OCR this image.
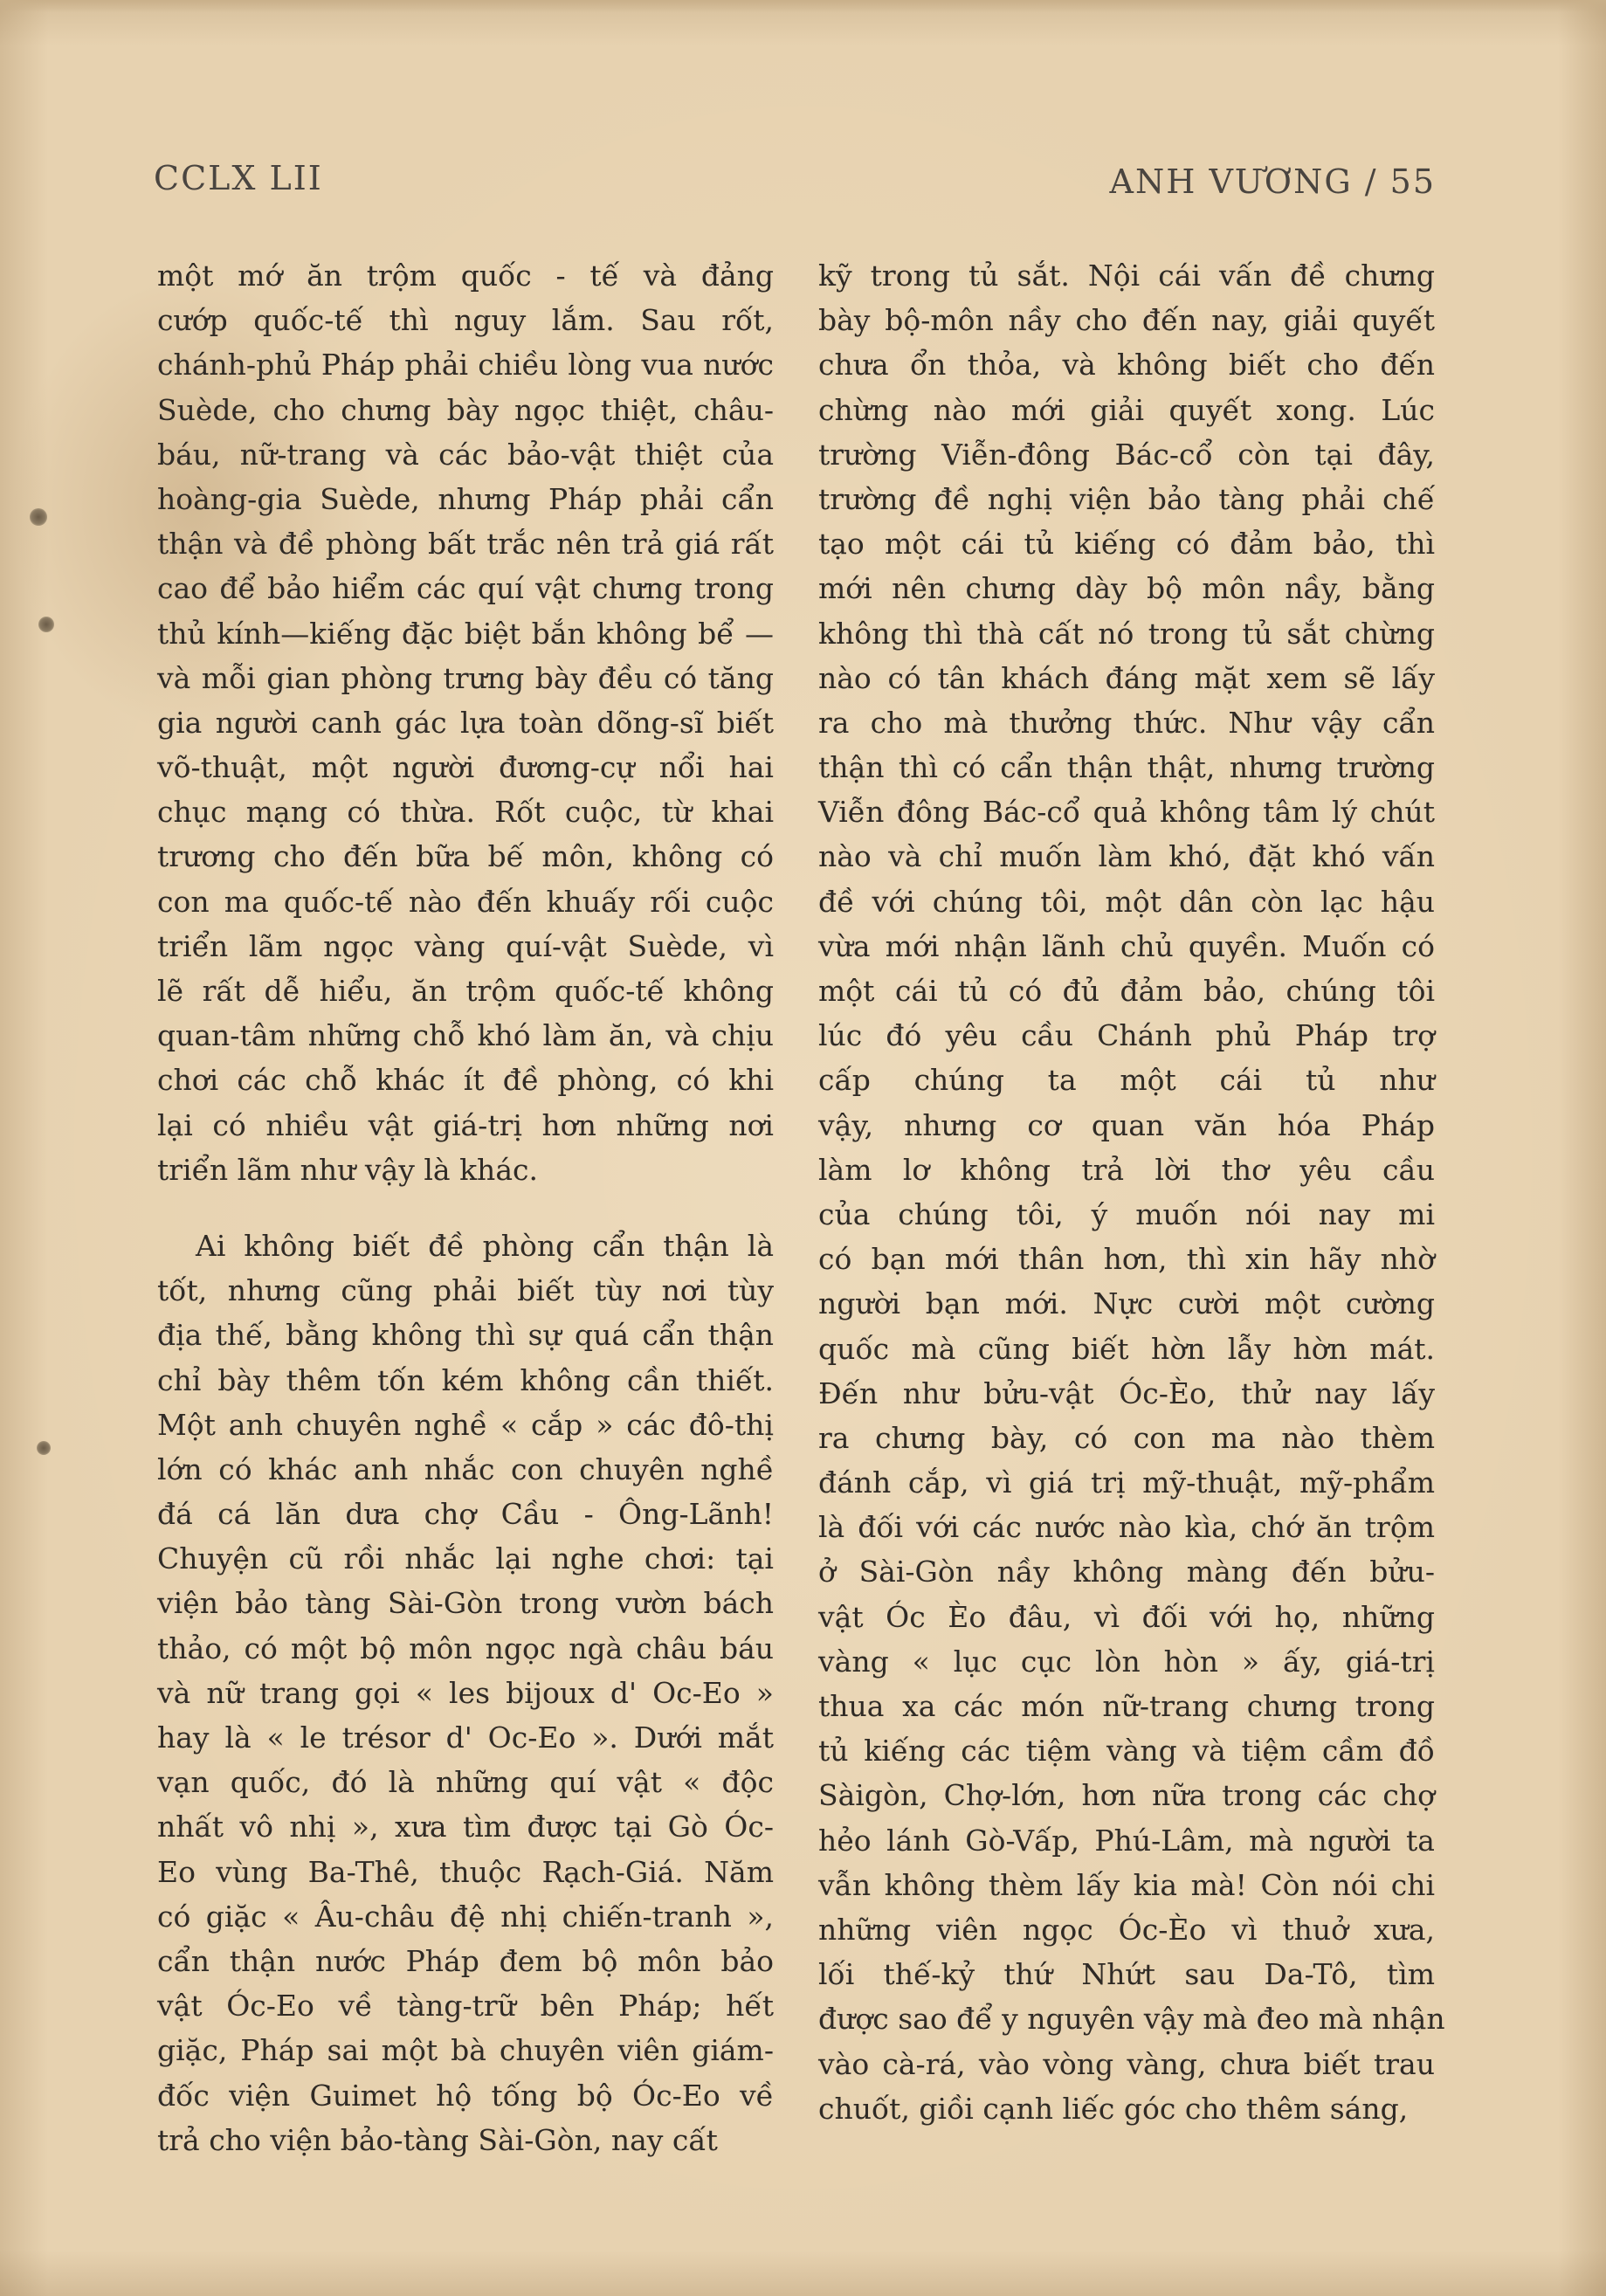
CCLX LII	ANH VƯƠNG / 55
một mớ ăn trộm quốc - tế và đảng
cướp quốc-tế thì nguy lắm. Sau rốt,
chánh-phủ Pháp phải chiều lòng vua nước
Suède, cho chưng bày ngọc thiệt, châu-
báu, nữ-trang và các bảo-vật thiệt của
hoàng-gia Suède, nhưng Pháp phải cẩn
thận và đề phòng bất trắc nên trả giá rất
cao để bảo hiểm các quí vật chưng trong
thủ kính—kiếng đặc biệt bắn không bể —
và mỗi gian phòng trưng bày đều có tăng
gia người canh gác lựa toàn dõng-sĩ biết
võ-thuật, một người đương-cự nổi hai
chục mạng có thừa. Rốt cuộc, từ khai
trương cho đến bữa bế môn, không có
con ma quốc-tế nào đến khuấy rối cuộc
triển lãm ngọc vàng quí-vật Suède, vì
lẽ rất dễ hiểu, ăn trộm quốc-tế không
quan-tâm những chỗ khó làm ăn, và chịu
chơi các chỗ khác ít đề phòng, có khi
lại có nhiều vật giá-trị hơn những nơi
triển lãm như vậy là khác.
Ai không biết đề phòng cẩn thận là
tốt, nhưng cũng phải biết tùy nơi tùy
địa thế, bằng không thì sự quá cẩn thận
chỉ bày thêm tốn kém không cần thiết.
Một anh chuyên nghề « cắp » các đô-thị
lớn có khác anh nhắc con chuyên nghề
đá cá lăn dưa chợ Cầu - Ông-Lãnh!
Chuyện cũ rồi nhắc lại nghe chơi: tại
viện bảo tàng Sài-Gòn trong vườn bách
thảo, có một bộ môn ngọc ngà châu báu
và nữ trang gọi « les bijoux d' Oc-Eo »
hay là « le trésor d' Oc-Eo ». Dưới mắt
vạn quốc, đó là những quí vật « độc
nhất vô nhị », xưa tìm được tại Gò Óc-
Eo vùng Ba-Thê, thuộc Rạch-Giá. Năm
có giặc « Âu-châu đệ nhị chiến-tranh »,
cẩn thận nước Pháp đem bộ môn bảo
vật Óc-Eo về tàng-trữ bên Pháp; hết
giặc, Pháp sai một bà chuyên viên giám-
đốc viện Guimet hộ tống bộ Óc-Eo về
trả cho viện bảo-tàng Sài-Gòn, nay cất
kỹ trong tủ sắt. Nội cái vấn đề chưng
bày bộ-môn nầy cho đến nay, giải quyết
chưa ổn thỏa, và không biết cho đến
chừng nào mới giải quyết xong. Lúc
trường Viễn-đông Bác-cổ còn tại đây,
trường đề nghị viện bảo tàng phải chế
tạo một cái tủ kiếng có đảm bảo, thì
mới nên chưng dày bộ môn nầy, bằng
không thì thà cất nó trong tủ sắt chừng
nào có tân khách đáng mặt xem sẽ lấy
ra cho mà thưởng thức. Như vậy cẩn
thận thì có cẩn thận thật, nhưng trường
Viễn đông Bác-cổ quả không tâm lý chút
nào và chỉ muốn làm khó, đặt khó vấn
đề với chúng tôi, một dân còn lạc hậu
vừa mới nhận lãnh chủ quyền. Muốn có
một cái tủ có đủ đảm bảo, chúng tôi
lúc đó yêu cầu Chánh phủ Pháp trợ
cấp chúng ta một cái tủ như
vậy, nhưng cơ quan văn hóa Pháp
làm lơ không trả lời thơ yêu cầu
của chúng tôi, ý muốn nói nay mi
có bạn mới thân hơn, thì xin hãy nhờ
người bạn mới. Nực cười một cường
quốc mà cũng biết hờn lẫy hờn mát.
Đến như bửu-vật Óc-Èo, thử nay lấy
ra chưng bày, có con ma nào thèm
đánh cắp, vì giá trị mỹ-thuật, mỹ-phẩm
là đối với các nước nào kìa, chớ ăn trộm
ở Sài-Gòn nầy không màng đến bửu-
vật Óc Èo đâu, vì đối với họ, những
vàng « lục cục lòn hòn » ấy, giá-trị
thua xa các món nữ-trang chưng trong
tủ kiếng các tiệm vàng và tiệm cầm đồ
Sàigòn, Chợ-lớn, hơn nữa trong các chợ
hẻo lánh Gò-Vấp, Phú-Lâm, mà người ta
vẫn không thèm lấy kia mà! Còn nói chi
những viên ngọc Óc-Èo vì thuở xưa,
lối thế-kỷ thứ Nhứt sau Da-Tô, tìm
được sao để y nguyên vậy mà đeo mà nhận
vào cà-rá, vào vòng vàng, chưa biết trau
chuốt, giồi cạnh liếc góc cho thêm sáng,
